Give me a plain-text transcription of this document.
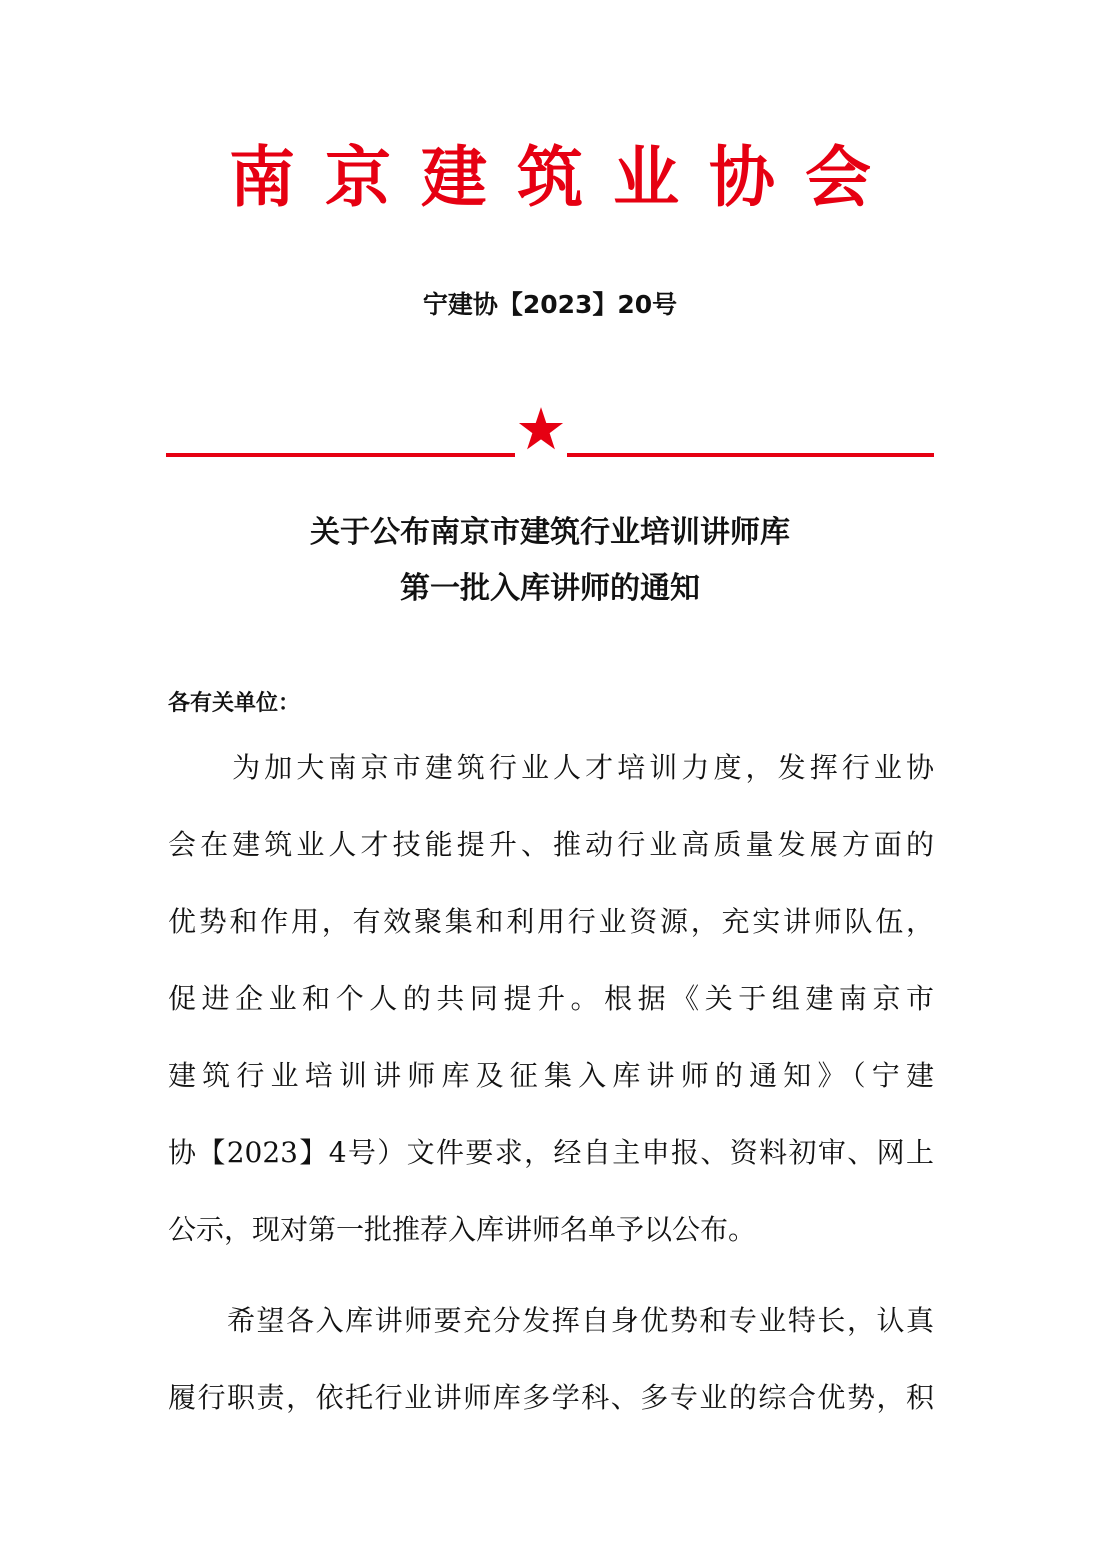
南京建筑业协会
宁建协【2023】20号
关于公布南京市建筑行业培训讲师库
第一批入库讲师的通知
各有关单位：
　　为加大南京市建筑行业人才培训力度，发挥行业协
会在建筑业人才技能提升、推动行业高质量发展方面的
优势和作用，有效聚集和利用行业资源，充实讲师队伍，
促进企业和个人的共同提升。根据《关于组建南京市
建筑行业培训讲师库及征集入库讲师的通知》（宁建
协【2023】4号）文件要求，经自主申报、资料初审、网上
公示，现对第一批推荐入库讲师名单予以公布。
　　希望各入库讲师要充分发挥自身优势和专业特长，认真
履行职责，依托行业讲师库多学科、多专业的综合优势，积
